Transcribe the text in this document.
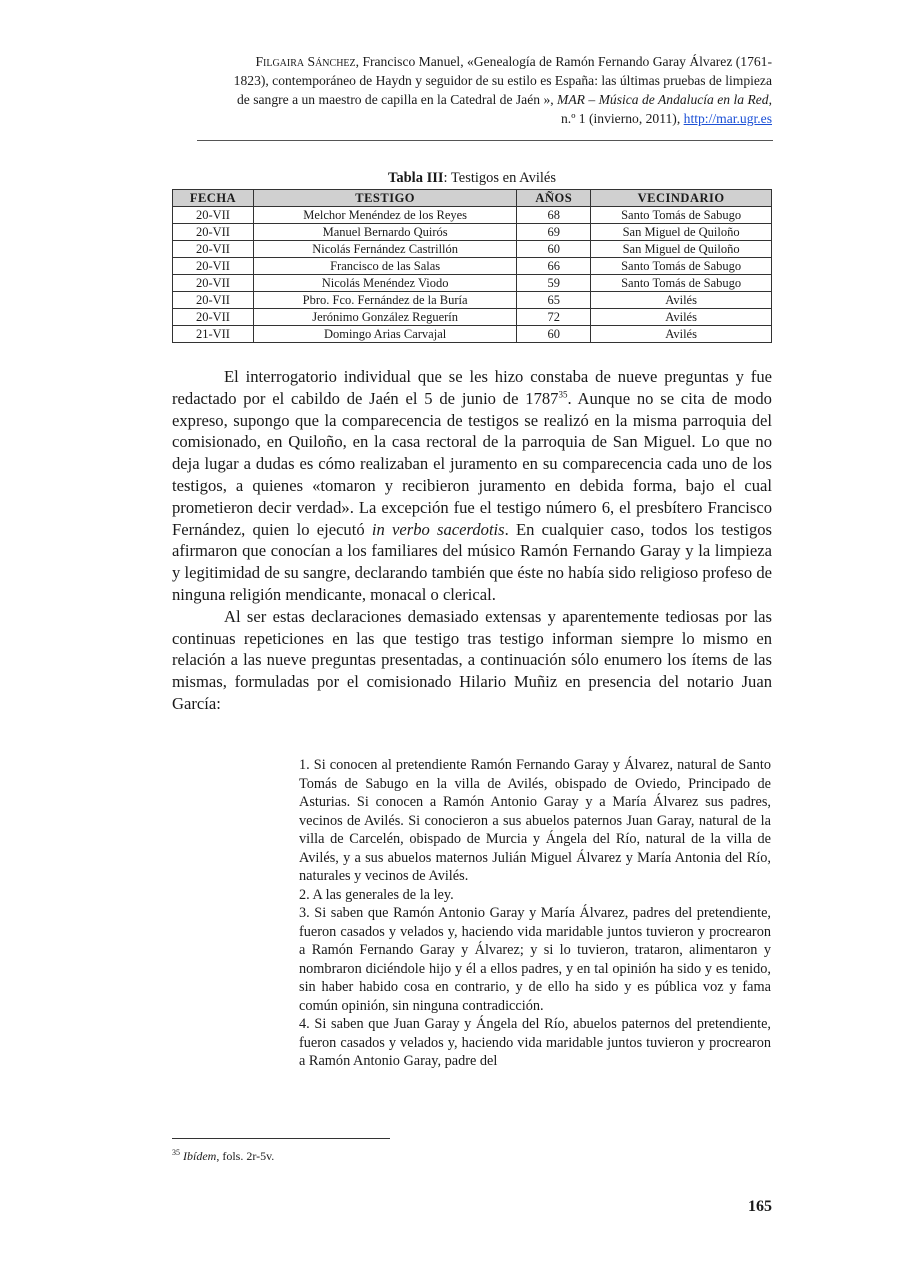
Filgaira Sánchez, Francisco Manuel, «Genealogía de Ramón Fernando Garay Álvarez (1761-
1823), contemporáneo de Haydn y seguidor de su estilo es España: las últimas pruebas de limpieza
de sangre a un maestro de capilla en la Catedral de Jaén », MAR – Música de Andalucía en la Red,
n.º 1 (invierno, 2011), http://mar.ugr.es
Tabla III: Testigos en Avilés
FECHA	TESTIGO	AÑOS	VECINDARIO
20-VII	Melchor Menéndez de los Reyes	68	Santo Tomás de Sabugo
20-VII	Manuel Bernardo Quirós	69	San Miguel de Quiloño
20-VII	Nicolás Fernández Castrillón	60	San Miguel de Quiloño
20-VII	Francisco de las Salas	66	Santo Tomás de Sabugo
20-VII	Nicolás Menéndez Viodo	59	Santo Tomás de Sabugo
20-VII	Pbro. Fco. Fernández de la Buría	65	Avilés
20-VII	Jerónimo González Reguerín	72	Avilés
21-VII	Domingo Arias Carvajal	60	Avilés

El interrogatorio individual que se les hizo constaba de nueve preguntas y fue redactado por el cabildo de Jaén el 5 de junio de 1787$^{35}$. Aunque no se cita de modo expreso, supongo que la comparecencia de testigos se realizó en la misma parroquia del comisionado, en Quiloño, en la casa rectoral de la parroquia de San Miguel. Lo que no deja lugar a dudas es cómo realizaban el juramento en su comparecencia cada uno de los testigos, a quienes «tomaron y recibieron juramento en debida forma, bajo el cual prometieron decir verdad». La excepción fue el testigo número 6, el presbítero Francisco Fernández, quien lo ejecutó in verbo sacerdotis. En cualquier caso, todos los testigos afirmaron que conocían a los familiares del músico Ramón Fernando Garay y la limpieza y legitimidad de su sangre, declarando también que éste no había sido religioso profeso de ninguna religión mendicante, monacal o clerical.

Al ser estas declaraciones demasiado extensas y aparentemente tediosas por las continuas repeticiones en las que testigo tras testigo informan siempre lo mismo en relación a las nueve preguntas presentadas, a continuación sólo enumero los ítems de las mismas, formuladas por el comisionado Hilario Muñiz en presencia del notario Juan García:

1. Si conocen al pretendiente Ramón Fernando Garay y Álvarez, natural de Santo Tomás de Sabugo en la villa de Avilés, obispado de Oviedo, Principado de Asturias. Si conocen a Ramón Antonio Garay y a María Álvarez sus padres, vecinos de Avilés. Si conocieron a sus abuelos paternos Juan Garay, natural de la villa de Carcelén, obispado de Murcia y Ángela del Río, natural de la villa de Avilés, y a sus abuelos maternos Julián Miguel Álvarez y María Antonia del Río, naturales y vecinos de Avilés.

2. A las generales de la ley.

3. Si saben que Ramón Antonio Garay y María Álvarez, padres del pretendiente, fueron casados y velados y, haciendo vida maridable juntos tuvieron y procrearon a Ramón Fernando Garay y Álvarez; y si lo tuvieron, trataron, alimentaron y nombraron diciéndole hijo y él a ellos padres, y en tal opinión ha sido y es tenido, sin haber habido cosa en contrario, y de ello ha sido y es pública voz y fama común opinión, sin ninguna contradicción.

4. Si saben que Juan Garay y Ángela del Río, abuelos paternos del pretendiente, fueron casados y velados y, haciendo vida maridable juntos tuvieron y procrearon a Ramón Antonio Garay, padre del

$^{35}$ Ibídem, fols. 2r-5v.
165
